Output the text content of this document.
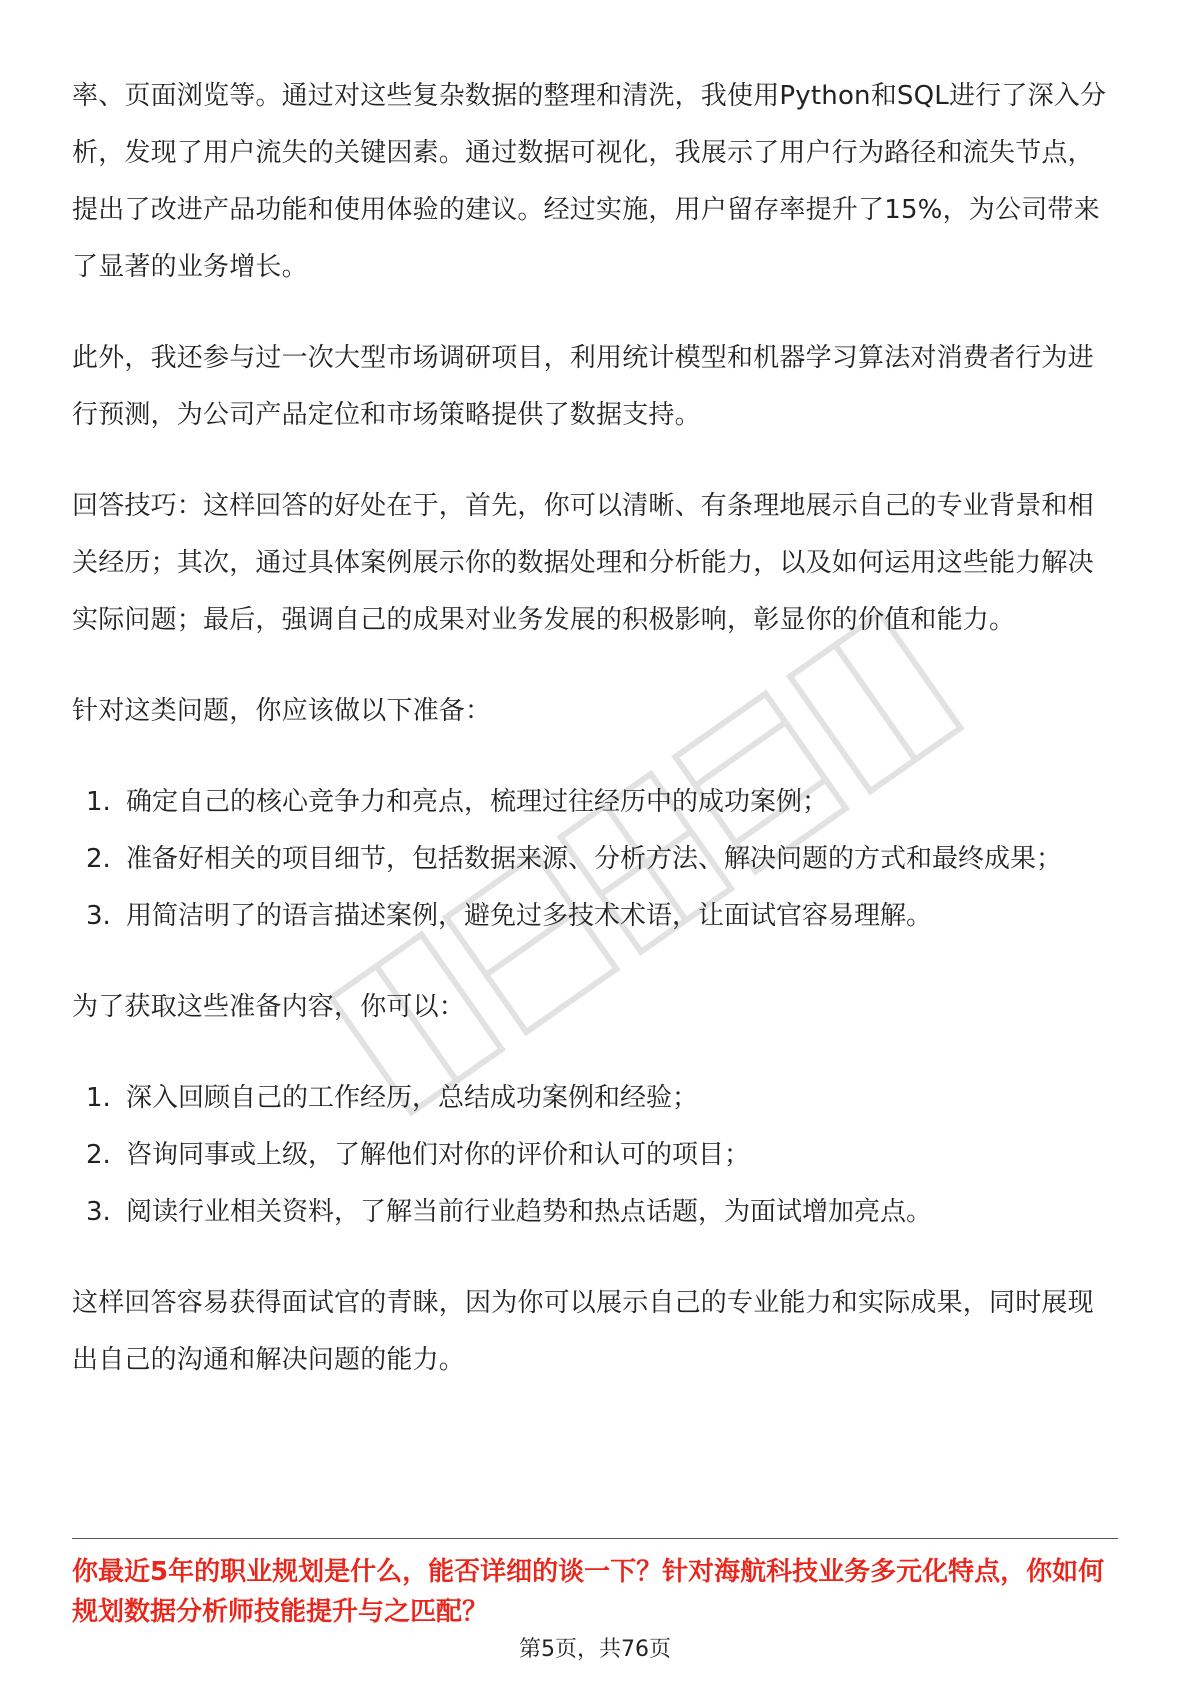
率、页面浏览等。通过对这些复杂数据的整理和清洗，我使用Python和SQL进行了深入分析，发现了用户流失的关键因素。通过数据可视化，我展示了用户行为路径和流失节点，提出了改进产品功能和使用体验的建议。经过实施，用户留存率提升了15%，为公司带来了显著的业务增长。

此外，我还参与过一次大型市场调研项目，利用统计模型和机器学习算法对消费者行为进行预测，为公司产品定位和市场策略提供了数据支持。

回答技巧：这样回答的好处在于，首先，你可以清晰、有条理地展示自己的专业背景和相关经历；其次，通过具体案例展示你的数据处理和分析能力，以及如何运用这些能力解决实际问题；最后，强调自己的成果对业务发展的积极影响，彰显你的价值和能力。

针对这类问题，你应该做以下准备：

1. 确定自己的核心竞争力和亮点，梳理过往经历中的成功案例；
2. 准备好相关的项目细节，包括数据来源、分析方法、解决问题的方式和最终成果；
3. 用简洁明了的语言描述案例，避免过多技术术语，让面试官容易理解。

为了获取这些准备内容，你可以：

1. 深入回顾自己的工作经历，总结成功案例和经验；
2. 咨询同事或上级，了解他们对你的评价和认可的项目；
3. 阅读行业相关资料，了解当前行业趋势和热点话题，为面试增加亮点。

这样回答容易获得面试官的青睐，因为你可以展示自己的专业能力和实际成果，同时展现出自己的沟通和解决问题的能力。

你最近5年的职业规划是什么，能否详细的谈一下？针对海航科技业务多元化特点，你如何规划数据分析师技能提升与之匹配？

第5页，共76页
